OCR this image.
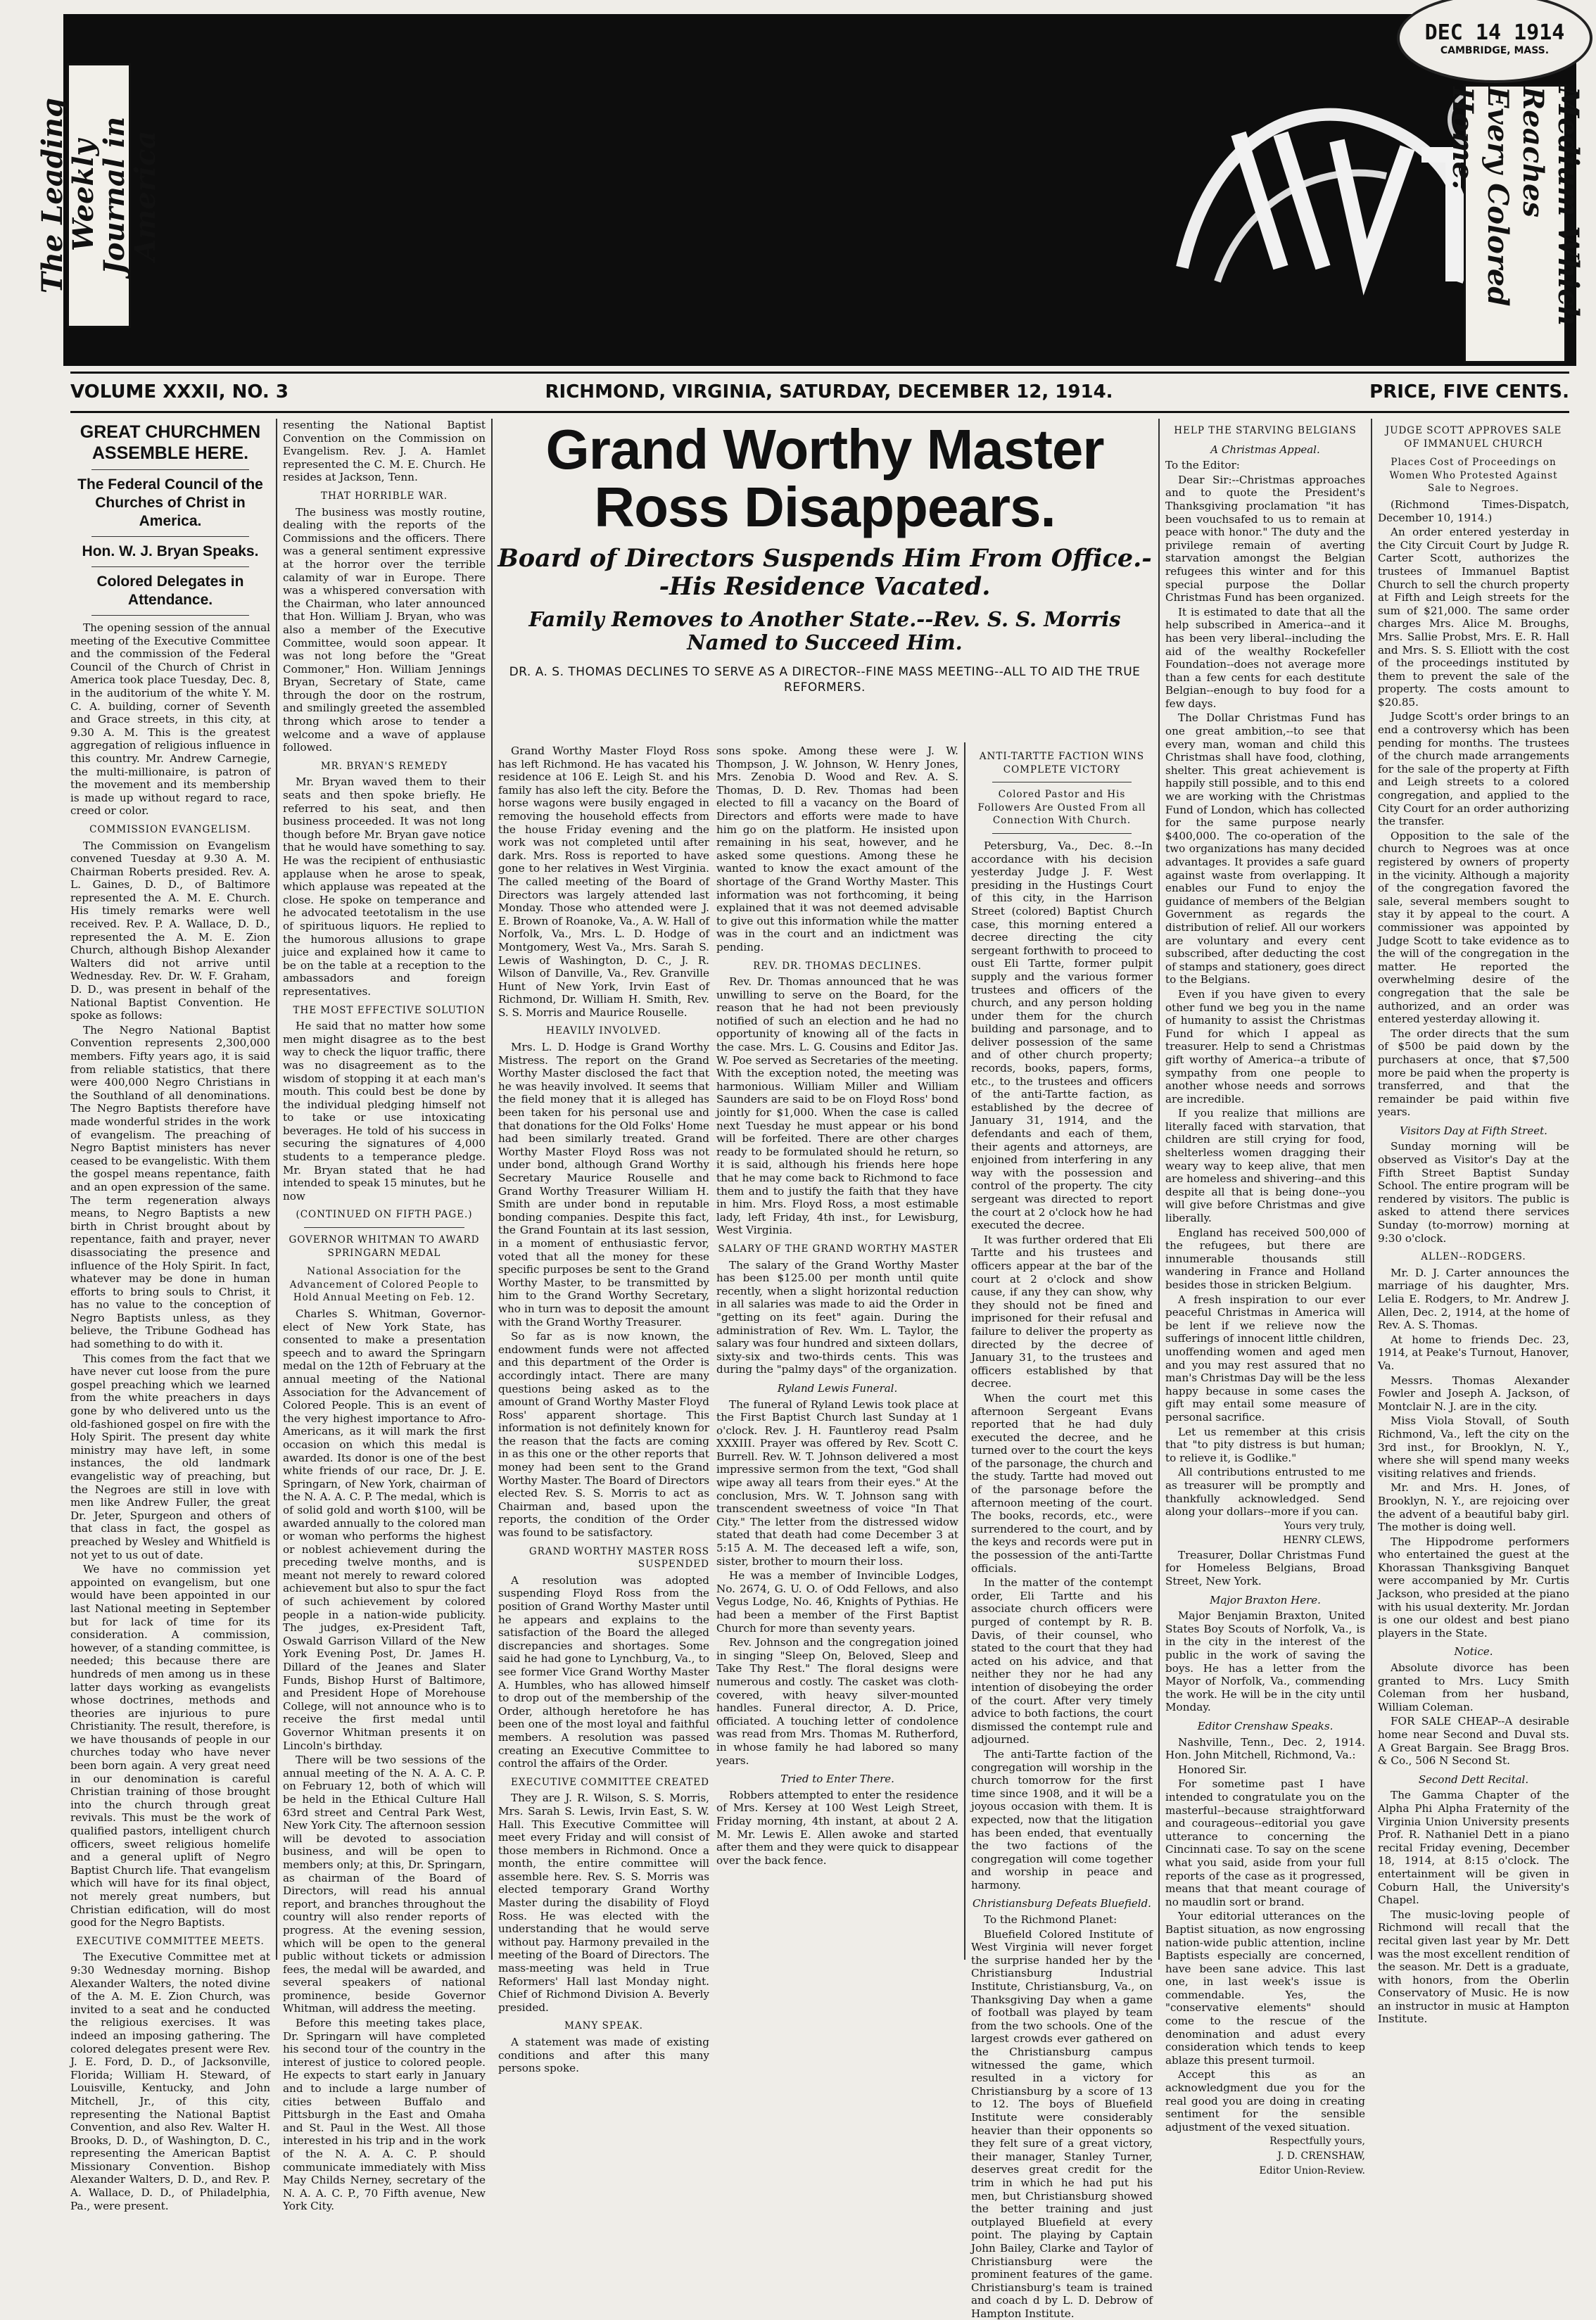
The Leading Weekly
Journal in America	Medium Which Reaches
Every Colored Home.
DEC 14 1914
CAMBRIDGE, MASS.
VOLUME XXXII, NO. 3	RICHMOND, VIRGINIA, SATURDAY, DECEMBER 12, 1914.	PRICE, FIVE CENTS.
GREAT CHURCHMEN ASSEMBLE HERE.
The Federal Council of the Churches of Christ in America.
Hon. W. J. Bryan Speaks.
Colored Delegates in Attendance.

The opening session of the annual meeting of the Executive Committee and the commission of the Federal Council of the Church of Christ in America took place Tuesday, Dec. 8, in the auditorium of the white Y. M. C. A. building, corner of Seventh and Grace streets, in this city, at 9.30 A. M. This is the greatest aggregation of religious influence in this country. Mr. Andrew Carnegie, the multi-millionaire, is patron of the movement and its membership is made up without regard to race, creed or color.

COMMISSION EVANGELISM.

The Commission on Evangelism convened Tuesday at 9.30 A. M. Chairman Roberts presided. Rev. A. L. Gaines, D. D., of Baltimore represented the A. M. E. Church. His timely remarks were well received. Rev. P. A. Wallace, D. D., represented the A. M. E. Zion Church, although Bishop Alexander Walters did not arrive until Wednesday. Rev. Dr. W. F. Graham, D. D., was present in behalf of the National Baptist Convention. He spoke as follows:

The Negro National Baptist Convention represents 2,300,000 members. Fifty years ago, it is said from reliable statistics, that there were 400,000 Negro Christians in the Southland of all denominations. The Negro Baptists therefore have made wonderful strides in the work of evangelism. The preaching of Negro Baptist ministers has never ceased to be evangelistic. With them the gospel means repentance, faith and an open expression of the same. The term regeneration always means, to Negro Baptists a new birth in Christ brought about by repentance, faith and prayer, never disassociating the presence and influence of the Holy Spirit. In fact, whatever may be done in human efforts to bring souls to Christ, it has no value to the conception of Negro Baptists unless, as they believe, the Tribune Godhead has had something to do with it.

This comes from the fact that we have never cut loose from the pure gospel preaching which we learned from the white preachers in days gone by who delivered unto us the old-fashioned gospel on fire with the Holy Spirit. The present day white ministry may have left, in some instances, the old landmark evangelistic way of preaching, but the Negroes are still in love with men like Andrew Fuller, the great Dr. Jeter, Spurgeon and others of that class in fact, the gospel as preached by Wesley and Whitfield is not yet to us out of date.

We have no commission yet appointed on evangelism, but one would have been appointed in our last National meeting in September but for lack of time for its consideration. A commission, however, of a standing committee, is needed; this because there are hundreds of men among us in these latter days working as evangelists whose doctrines, methods and theories are injurious to pure Christianity. The result, therefore, is we have thousands of people in our churches today who have never been born again. A very great need in our denomination is careful Christian training of those brought into the church through great revivals. This must be the work of qualified pastors, intelligent church officers, sweet religious homelife and a general uplift of Negro Baptist Church life. That evangelism which will have for its final object, not merely great numbers, but Christian edification, will do most good for the Negro Baptists.

EXECUTIVE COMMITTEE MEETS.

The Executive Committee met at 9:30 Wednesday morning. Bishop Alexander Walters, the noted divine of the A. M. E. Zion Church, was invited to a seat and he conducted the religious exercises. It was indeed an imposing gathering. The colored delegates present were Rev. J. E. Ford, D. D., of Jacksonville, Florida; William H. Steward, of Louisville, Kentucky, and John Mitchell, Jr., of this city, representing the National Baptist Convention, and also Rev. Walter H. Brooks, D. D., of Washington, D. C., representing the American Baptist Missionary Convention. Bishop Alexander Walters, D. D., and Rev. P. A. Wallace, D. D., of Philadelphia, Pa., were present.

resenting the National Baptist Convention on the Commission on Evangelism. Rev. J. A. Hamlet represented the C. M. E. Church. He resides at Jackson, Tenn.

THAT HORRIBLE WAR.

The business was mostly routine, dealing with the reports of the Commissions and the officers. There was a general sentiment expressive at the horror over the terrible calamity of war in Europe. There was a whispered conversation with the Chairman, who later announced that Hon. William J. Bryan, who was also a member of the Executive Committee, would soon appear. It was not long before the "Great Commoner," Hon. William Jennings Bryan, Secretary of State, came through the door on the rostrum, and smilingly greeted the assembled throng which arose to tender a welcome and a wave of applause followed.

MR. BRYAN'S REMEDY

Mr. Bryan waved them to their seats and then spoke briefly. He referred to his seat, and then business proceeded. It was not long though before Mr. Bryan gave notice that he would have something to say. He was the recipient of enthusiastic applause when he arose to speak, which applause was repeated at the close. He spoke on temperance and he advocated teetotalism in the use of spirituous liquors. He replied to the humorous allusions to grape juice and explained how it came to be on the table at a reception to the ambassadors and foreign representatives.

THE MOST EFFECTIVE SOLUTION

He said that no matter how some men might disagree as to the best way to check the liquor traffic, there was no disagreement as to the wisdom of stopping it at each man's mouth. This could best be done by the individual pledging himself not to take or use intoxicating beverages. He told of his success in securing the signatures of 4,000 students to a temperance pledge. Mr. Bryan stated that he had intended to speak 15 minutes, but he now

(CONTINUED ON FIFTH PAGE.)
GOVERNOR WHITMAN TO AWARD SPRINGARN MEDAL
National Association for the Advancement of Colored People to Hold Annual Meeting on Feb. 12.

Charles S. Whitman, Governor-elect of New York State, has consented to make a presentation speech and to award the Springarn medal on the 12th of February at the annual meeting of the National Association for the Advancement of Colored People. This is an event of the very highest importance to Afro-Americans, as it will mark the first occasion on which this medal is awarded. Its donor is one of the best white friends of our race, Dr. J. E. Springarn, of New York, chairman of the N. A. A. C. P. The medal, which is of solid gold and worth $100, will be awarded annually to the colored man or woman who performs the highest or noblest achievement during the preceding twelve months, and is meant not merely to reward colored achievement but also to spur the fact of such achievement by colored people in a nation-wide publicity. The judges, ex-President Taft, Oswald Garrison Villard of the New York Evening Post, Dr. James H. Dillard of the Jeanes and Slater Funds, Bishop Hurst of Baltimore, and President Hope of Morehouse College, will not announce who is to receive the first medal until Governor Whitman presents it on Lincoln's birthday.

There will be two sessions of the annual meeting of the N. A. A. C. P. on February 12, both of which will be held in the Ethical Culture Hall 63rd street and Central Park West, New York City. The afternoon session will be devoted to association business, and will be open to members only; at this, Dr. Springarn, as chairman of the Board of Directors, will read his annual report, and branches throughout the country will also render reports of progress. At the evening session, which will be open to the general public without tickets or admission fees, the medal will be awarded, and several speakers of national prominence, beside Governor Whitman, will address the meeting.

Before this meeting takes place, Dr. Springarn will have completed his second tour of the country in the interest of justice to colored people. He expects to start early in January and to include a large number of cities between Buffalo and Pittsburgh in the East and Omaha and St. Paul in the West. All those interested in his trip and in the work of the N. A. A. C. P. should communicate immediately with Miss May Childs Nerney, secretary of the N. A. A. C. P., 70 Fifth avenue, New York City.

Grand Worthy Master Ross Disappears.
Board of Directors Suspends Him From Office.--His Residence Vacated.
Family Removes to Another State.--Rev. S. S. Morris Named to Succeed Him.
DR. A. S. THOMAS DECLINES TO SERVE AS A DIRECTOR--FINE MASS MEETING--ALL TO AID THE TRUE REFORMERS.

Grand Worthy Master Floyd Ross has left Richmond. He has vacated his residence at 106 E. Leigh St. and his family has also left the city. Before the horse wagons were busily engaged in removing the household effects from the house Friday evening and the work was not completed until after dark. Mrs. Ross is reported to have gone to her relatives in West Virginia. The called meeting of the Board of Directors was largely attended last Monday. Those who attended were J. E. Brown of Roanoke, Va., A. W. Hall of Norfolk, Va., Mrs. L. D. Hodge of Montgomery, West Va., Mrs. Sarah S. Lewis of Washington, D. C., J. R. Wilson of Danville, Va., Rev. Granville Hunt of New York, Irvin East of Richmond, Dr. William H. Smith, Rev. S. S. Morris and Maurice Rouselle.

HEAVILY INVOLVED.

Mrs. L. D. Hodge is Grand Worthy Mistress. The report on the Grand Worthy Master disclosed the fact that he was heavily involved. It seems that the field money that it is alleged has been taken for his personal use and that donations for the Old Folks' Home had been similarly treated. Grand Worthy Master Floyd Ross was not under bond, although Grand Worthy Secretary Maurice Rouselle and Grand Worthy Treasurer William H. Smith are under bond in reputable bonding companies. Despite this fact, the Grand Fountain at its last session, in a moment of enthusiastic fervor, voted that all the money for these specific purposes be sent to the Grand Worthy Master, to be transmitted by him to the Grand Worthy Secretary, who in turn was to deposit the amount with the Grand Worthy Treasurer.

So far as is now known, the endowment funds were not affected and this department of the Order is accordingly intact. There are many questions being asked as to the amount of Grand Worthy Master Floyd Ross' apparent shortage. This information is not definitely known for the reason that the facts are coming in as this one or the other reports that money had been sent to the Grand Worthy Master. The Board of Directors elected Rev. S. S. Morris to act as Chairman and, based upon the reports, the condition of the Order was found to be satisfactory.

GRAND WORTHY MASTER ROSS SUSPENDED

A resolution was adopted suspending Floyd Ross from the position of Grand Worthy Master until he appears and explains to the satisfaction of the Board the alleged discrepancies and shortages. Some said he had gone to Lynchburg, Va., to see former Vice Grand Worthy Master A. Humbles, who has allowed himself to drop out of the membership of the Order, although heretofore he has been one of the most loyal and faithful members. A resolution was passed creating an Executive Committee to control the affairs of the Order.

EXECUTIVE COMMITTEE CREATED

They are J. R. Wilson, S. S. Morris, Mrs. Sarah S. Lewis, Irvin East, S. W. Hall. This Executive Committee will meet every Friday and will consist of those members in Richmond. Once a month, the entire committee will assemble here. Rev. S. S. Morris was elected temporary Grand Worthy Master during the disability of Floyd Ross. He was elected with the understanding that he would serve without pay. Harmony prevailed in the meeting of the Board of Directors. The mass-meeting was held in True Reformers' Hall last Monday night. Chief of Richmond Division A. Beverly presided.

MANY SPEAK.

A statement was made of existing conditions and after this many persons spoke.

sons spoke. Among these were J. W. Thompson, J. W. Johnson, W. Henry Jones, Mrs. Zenobia D. Wood and Rev. A. S. Thomas, D. D. Rev. Thomas had been elected to fill a vacancy on the Board of Directors and efforts were made to have him go on the platform. He insisted upon remaining in his seat, however, and he asked some questions. Among these he wanted to know the exact amount of the shortage of the Grand Worthy Master. This information was not forthcoming, it being explained that it was not deemed advisable to give out this information while the matter was in the court and an indictment was pending.

REV. DR. THOMAS DECLINES.

Rev. Dr. Thomas announced that he was unwilling to serve on the Board, for the reason that he had not been previously notified of such an election and he had no opportunity of knowing all of the facts in the case. Mrs. L. G. Cousins and Editor Jas. W. Poe served as Secretaries of the meeting. With the exception noted, the meeting was harmonious. William Miller and William Saunders are said to be on Floyd Ross' bond jointly for $1,000. When the case is called next Tuesday he must appear or his bond will be forfeited. There are other charges ready to be formulated should he return, so it is said, although his friends here hope that he may come back to Richmond to face them and to justify the faith that they have in him. Mrs. Floyd Ross, a most estimable lady, left Friday, 4th inst., for Lewisburg, West Virginia.

SALARY OF THE GRAND WORTHY MASTER

The salary of the Grand Worthy Master has been $125.00 per month until quite recently, when a slight horizontal reduction in all salaries was made to aid the Order in "getting on its feet" again. During the administration of Rev. Wm. L. Taylor, the salary was four hundred and sixteen dollars, sixty-six and two-thirds cents. This was during the "palmy days" of the organization.

Ryland Lewis Funeral.

The funeral of Ryland Lewis took place at the First Baptist Church last Sunday at 1 o'clock. Rev. J. H. Fauntleroy read Psalm XXXIII. Prayer was offered by Rev. Scott C. Burrell. Rev. W. T. Johnson delivered a most impressive sermon from the text, "God shall wipe away all tears from their eyes." At the conclusion, Mrs. W. T. Johnson sang with transcendent sweetness of voice "In That City." The letter from the distressed widow stated that death had come December 3 at 5:15 A. M. The deceased left a wife, son, sister, brother to mourn their loss.

He was a member of Invincible Lodges, No. 2674, G. U. O. of Odd Fellows, and also Vegus Lodge, No. 46, Knights of Pythias. He had been a member of the First Baptist Church for more than seventy years.

Rev. Johnson and the congregation joined in singing "Sleep On, Beloved, Sleep and Take Thy Rest." The floral designs were numerous and costly. The casket was cloth-covered, with heavy silver-mounted handles. Funeral director, A. D. Price, officiated. A touching letter of condolence was read from Mrs. Thomas M. Rutherford, in whose family he had labored so many years.

Tried to Enter There.

Robbers attempted to enter the residence of Mrs. Kersey at 100 West Leigh Street, Friday morning, 4th instant, at about 2 A. M. Mr. Lewis E. Allen awoke and started after them and they were quick to disappear over the back fence.

ANTI-TARTTE FACTION WINS COMPLETE VICTORY
Colored Pastor and His Followers Are Ousted From all Connection With Church.

Petersburg, Va., Dec. 8.--In accordance with his decision yesterday Judge J. F. West presiding in the Hustings Court of this city, in the Harrison Street (colored) Baptist Church case, this morning entered a decree directing the city sergeant forthwith to proceed to oust Eli Tartte, former pulpit supply and the various former trustees and officers of the church, and any person holding under them for the church building and parsonage, and to deliver possession of the same and of other church property; records, books, papers, forms, etc., to the trustees and officers of the anti-Tartte faction, as established by the decree of January 31, 1914, and the defendants and each of them, their agents and attorneys, are enjoined from interfering in any way with the possession and control of the property. The city sergeant was directed to report the court at 2 o'clock how he had executed the decree.

It was further ordered that Eli Tartte and his trustees and officers appear at the bar of the court at 2 o'clock and show cause, if any they can show, why they should not be fined and imprisoned for their refusal and failure to deliver the property as directed by the decree of January 31, to the trustees and officers established by that decree.

When the court met this afternoon Sergeant Evans reported that he had duly executed the decree, and he turned over to the court the keys of the parsonage, the church and the study. Tartte had moved out of the parsonage before the afternoon meeting of the court. The books, records, etc., were surrendered to the court, and by the keys and records were put in the possession of the anti-Tartte officials.

In the matter of the contempt order, Eli Tartte and his associate church officers were purged of contempt by R. B. Davis, of their counsel, who stated to the court that they had acted on his advice, and that neither they nor he had any intention of disobeying the order of the court. After very timely advice to both factions, the court dismissed the contempt rule and adjourned.

The anti-Tartte faction of the congregation will worship in the church tomorrow for the first time since 1908, and it will be a joyous occasion with them. It is expected, now that the litigation has been ended, that eventually the two factions of the congregation will come together and worship in peace and harmony.

Christiansburg Defeats Bluefield.

To the Richmond Planet:

Bluefield Colored Institute of West Virginia will never forget the surprise handed her by the Christiansburg Industrial Institute, Christiansburg, Va., on Thanksgiving Day when a game of football was played by team from the two schools. One of the largest crowds ever gathered on the Christiansburg campus witnessed the game, which resulted in a victory for Christiansburg by a score of 13 to 12. The boys of Bluefield Institute were considerably heavier than their opponents so they felt sure of a great victory, their manager, Stanley Turner, deserves great credit for the trim in which he had put his men, but Christiansburg showed the better training and just outplayed Bluefield at every point. The playing by Captain John Bailey, Clarke and Taylor of Christiansburg were the prominent features of the game. Christiansburg's team is trained and coach d by L. D. Debrow of Hampton Institute.

HELP THE STARVING BELGIANS
A Christmas Appeal.

To the Editor:

Dear Sir:--Christmas approaches and to quote the President's Thanksgiving proclamation "it has been vouchsafed to us to remain at peace with honor." The duty and the privilege remain of averting starvation amongst the Belgian refugees this winter and for this special purpose the Dollar Christmas Fund has been organized.

It is estimated to date that all the help subscribed in America--and it has been very liberal--including the aid of the wealthy Rockefeller Foundation--does not average more than a few cents for each destitute Belgian--enough to buy food for a few days.

The Dollar Christmas Fund has one great ambition,--to see that every man, woman and child this Christmas shall have food, clothing, shelter. This great achievement is happily still possible, and to this end we are working with the Christmas Fund of London, which has collected for the same purpose nearly $400,000. The co-operation of the two organizations has many decided advantages. It provides a safe guard against waste from overlapping. It enables our Fund to enjoy the guidance of members of the Belgian Government as regards the distribution of relief. All our workers are voluntary and every cent subscribed, after deducting the cost of stamps and stationery, goes direct to the Belgians.

Even if you have given to every other fund we beg you in the name of humanity to assist the Christmas Fund for which I appeal as treasurer. Help to send a Christmas gift worthy of America--a tribute of sympathy from one people to another whose needs and sorrows are incredible.

If you realize that millions are literally faced with starvation, that children are still crying for food, shelterless women dragging their weary way to keep alive, that men are homeless and shivering--and this despite all that is being done--you will give before Christmas and give liberally.

England has received 500,000 of the refugees, but there are innumerable thousands still wandering in France and Holland besides those in stricken Belgium.

A fresh inspiration to our ever peaceful Christmas in America will be lent if we relieve now the sufferings of innocent little children, unoffending women and aged men and you may rest assured that no man's Christmas Day will be the less happy because in some cases the gift may entail some measure of personal sacrifice.

Let us remember at this crisis that "to pity distress is but human; to relieve it, is Godlike."

All contributions entrusted to me as treasurer will be promptly and thankfully acknowledged. Send along your dollars--more if you can.

Yours very truly,
HENRY CLEWS,

Treasurer, Dollar Christmas Fund for Homeless Belgians, Broad Street, New York.

Major Braxton Here.

Major Benjamin Braxton, United States Boy Scouts of Norfolk, Va., is in the city in the interest of the public in the work of saving the boys. He has a letter from the Mayor of Norfolk, Va., commending the work. He will be in the city until Monday.

Editor Crenshaw Speaks.

Nashville, Tenn., Dec. 2, 1914. Hon. John Mitchell, Richmond, Va.:

Honored Sir.

For sometime past I have intended to congratulate you on the masterful--because straightforward and courageous--editorial you gave utterance to concerning the Cincinnati case. To say on the scene what you said, aside from your full reports of the case as it progressed, means that that meant courage of no maudlin sort or brand.

Your editorial utterances on the Baptist situation, as now engrossing nation-wide public attention, incline Baptists especially are concerned, have been sane advice. This last one, in last week's issue is commendable. Yes, the "conservative elements" should come to the rescue of the denomination and adust every consideration which tends to keep ablaze this present turmoil.

Accept this as an acknowledgment due you for the real good you are doing in creating sentiment for the sensible adjustment of the vexed situation.

Respectfully yours,
J. D. CRENSHAW,
Editor Union-Review.
JUDGE SCOTT APPROVES SALE OF IMMANUEL CHURCH
Places Cost of Proceedings on Women Who Protested Against Sale to Negroes.

(Richmond Times-Dispatch, December 10, 1914.)

An order entered yesterday in the City Circuit Court by Judge R. Carter Scott, authorizes the trustees of Immanuel Baptist Church to sell the church property at Fifth and Leigh streets for the sum of $21,000. The same order charges Mrs. Alice M. Broughs, Mrs. Sallie Probst, Mrs. E. R. Hall and Mrs. S. S. Elliott with the cost of the proceedings instituted by them to prevent the sale of the property. The costs amount to $20.85.

Judge Scott's order brings to an end a controversy which has been pending for months. The trustees of the church made arrangements for the sale of the property at Fifth and Leigh streets to a colored congregation, and applied to the City Court for an order authorizing the transfer.

Opposition to the sale of the church to Negroes was at once registered by owners of property in the vicinity. Although a majority of the congregation favored the sale, several members sought to stay it by appeal to the court. A commissioner was appointed by Judge Scott to take evidence as to the will of the congregation in the matter. He reported the overwhelming desire of the congregation that the sale be authorized, and an order was entered yesterday allowing it.

The order directs that the sum of $500 be paid down by the purchasers at once, that $7,500 more be paid when the property is transferred, and that the remainder be paid within five years.

Visitors Day at Fifth Street.

Sunday morning will be observed as Visitor's Day at the Fifth Street Baptist Sunday School. The entire program will be rendered by visitors. The public is asked to attend there services Sunday (to-morrow) morning at 9:30 o'clock.

ALLEN--RODGERS.

Mr. D. J. Carter announces the marriage of his daughter, Mrs. Lelia E. Rodgers, to Mr. Andrew J. Allen, Dec. 2, 1914, at the home of Rev. A. S. Thomas.

At home to friends Dec. 23, 1914, at Peake's Turnout, Hanover, Va.

Messrs. Thomas Alexander Fowler and Joseph A. Jackson, of Montclair N. J. are in the city.

Miss Viola Stovall, of South Richmond, Va., left the city on the 3rd inst., for Brooklyn, N. Y., where she will spend many weeks visiting relatives and friends.

Mr. and Mrs. H. Jones, of Brooklyn, N. Y., are rejoicing over the advent of a beautiful baby girl. The mother is doing well.

The Hippodrome performers who entertained the guest at the Khorassan Thanksgiving Banquet were accompanied by Mr. Curtis Jackson, who presided at the piano with his usual dexterity. Mr. Jordan is one our oldest and best piano players in the State.

Notice.

Absolute divorce has been granted to Mrs. Lucy Smith Coleman from her husband, William Coleman.

FOR SALE CHEAP--A desirable home near Second and Duval sts. A Great Bargain. See Bragg Bros. & Co., 506 N Second St.

Second Dett Recital.

The Gamma Chapter of the Alpha Phi Alpha Fraternity of the Virginia Union University presents Prof. R. Nathaniel Dett in a piano recital Friday evening, December 18, 1914, at 8:15 o'clock. The entertainment will be given in Coburn Hall, the University's Chapel.

The music-loving people of Richmond will recall that the recital given last year by Mr. Dett was the most excellent rendition of the season. Mr. Dett is a graduate, with honors, from the Oberlin Conservatory of Music. He is now an instructor in music at Hampton Institute.
